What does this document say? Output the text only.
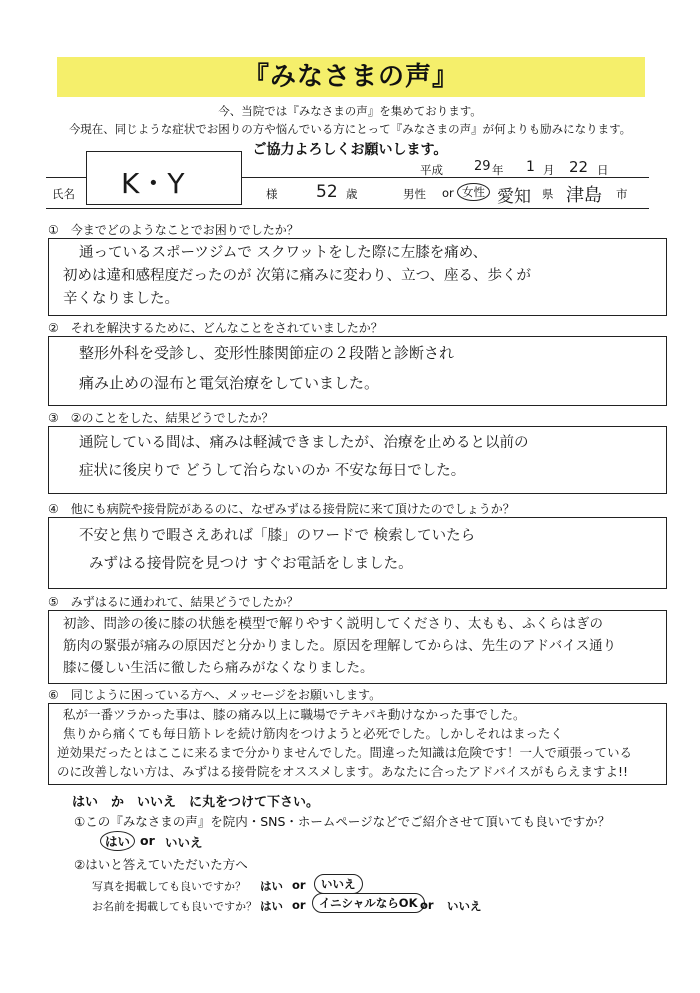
『みなさまの声』
今、当院では『みなさまの声』を集めております。
今現在、同じような症状でお困りの方や悩んでいる方にとって『みなさまの声』が何よりも励みになります。
ご協力よろしくお願いします。
平成 29 年 1 月 22 日
氏名 K・Y	様 52 歳	男性 or 女性 愛知 県 津島 市
①　今までどのようなことでお困りでしたか？
通っているスポーツジムで スクワットをした際に左膝を痛め、
初めは違和感程度だったのが 次第に痛みに変わり、立つ、座る、歩くが
辛くなりました。
②　それを解決するために、どんなことをされていましたか？
整形外科を受診し、変形性膝関節症の２段階と診断され
痛み止めの湿布と電気治療をしていました。
③　②のことをした、結果どうでしたか？
通院している間は、痛みは軽減できましたが、治療を止めると以前の
症状に後戻りで どうして治らないのか 不安な毎日でした。
④　他にも病院や接骨院があるのに、なぜみずはる接骨院に来て頂けたのでしょうか？
不安と焦りで暇さえあれば「膝」のワードで 検索していたら
みずはる接骨院を見つけ すぐお電話をしました。
⑤　みずはるに通われて、結果どうでしたか？
初診、問診の後に膝の状態を模型で解りやすく説明してくださり、太もも、ふくらはぎの
筋肉の緊張が痛みの原因だと分かりました。原因を理解してからは、先生のアドバイス通り
膝に優しい生活に徹したら痛みがなくなりました。
⑥　同じように困っている方へ、メッセージをお願いします。
私が一番ツラかった事は、膝の痛み以上に職場でテキパキ動けなかった事でした。
焦りから痛くても毎日筋トレを続け筋肉をつけようと必死でした。しかしそれはまったく
逆効果だったとはここに来るまで分かりませんでした。間違った知識は危険です！一人で頑張っている
のに改善しない方は、みずはる接骨院をオススメします。あなたに合ったアドバイスがもらえますよ!!
はい　か　いいえ　に丸をつけて下さい。
①この『みなさまの声』を院内・SNS・ホームページなどでご紹介させて頂いても良いですか？
はい or いいえ
②はいと答えていただいた方へ
写真を掲載しても良いですか？ はい or	いいえ
お名前を掲載しても良いですか？ はい or	イニシャルならOK or いいえ
